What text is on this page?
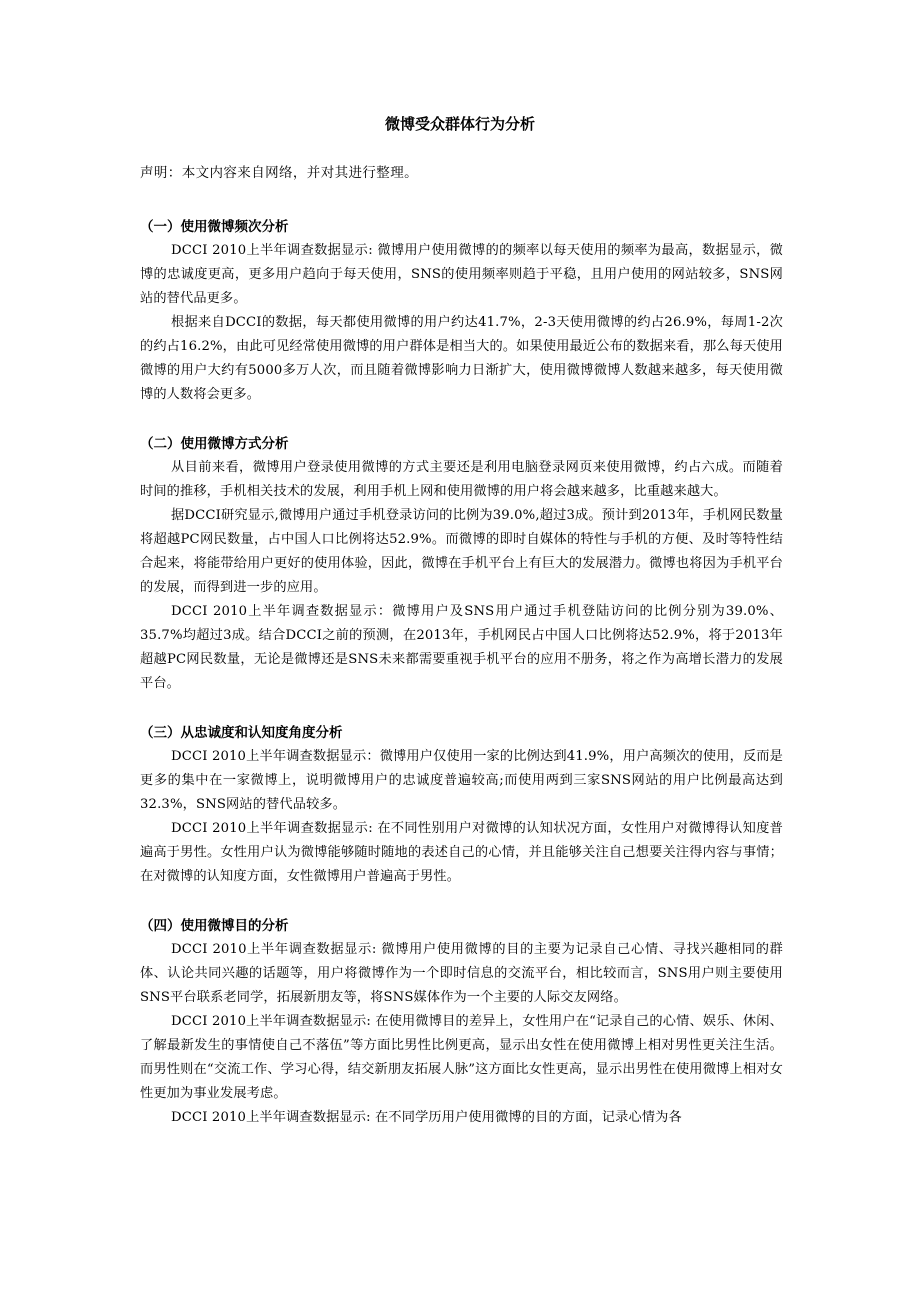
微博受众群体行为分析

声明：本文内容来自网络，并对其进行整理。

（一）使用微博频次分析

DCCI 2010上半年调查数据显示: 微博用户使用微博的的频率以每天使用的频率为最高，数据显示，微博的忠诚度更高，更多用户趋向于每天使用，SNS的使用频率则趋于平稳，且用户使用的网站较多，SNS网站的替代品更多。

根据来自DCCI的数据，每天都使用微博的用户约达41.7%，2-3天使用微博的约占26.9%，每周1-2次的约占16.2%，由此可见经常使用微博的用户群体是相当大的。如果使用最近公布的数据来看，那么每天使用微博的用户大约有5000多万人次，而且随着微博影响力日渐扩大，使用微博微博人数越来越多，每天使用微博的人数将会更多。

（二）使用微博方式分析

从目前来看，微博用户登录使用微博的方式主要还是利用电脑登录网页来使用微博，约占六成。而随着时间的推移，手机相关技术的发展，利用手机上网和使用微博的用户将会越来越多，比重越来越大。

据DCCI研究显示,微博用户通过手机登录访问的比例为39.0%,超过3成。预计到2013年，手机网民数量将超越PC网民数量，占中国人口比例将达52.9%。而微博的即时自媒体的特性与手机的方便、及时等特性结合起来，将能带给用户更好的使用体验，因此，微博在手机平台上有巨大的发展潜力。微博也将因为手机平台的发展，而得到进一步的应用。

DCCI 2010上半年调查数据显示：微博用户及SNS用户通过手机登陆访问的比例分别为39.0%、35.7%均超过3成。结合DCCI之前的预测，在2013年，手机网民占中国人口比例将达52.9%，将于2013年超越PC网民数量，无论是微博还是SNS未来都需要重视手机平台的应用不册务，将之作为高增长潜力的发展平台。

（三）从忠诚度和认知度角度分析

DCCI 2010上半年调查数据显示：微博用户仅使用一家的比例达到41.9%，用户高频次的使用，反而是更多的集中在一家微博上，说明微博用户的忠诚度普遍较高;而使用两到三家SNS网站的用户比例最高达到32.3%，SNS网站的替代品较多。

DCCI 2010上半年调查数据显示: 在不同性别用户对微博的认知状况方面，女性用户对微博得认知度普遍高于男性。女性用户认为微博能够随时随地的表述自己的心情，并且能够关注自己想要关注得内容与事情；在对微博的认知度方面，女性微博用户普遍高于男性。

（四）使用微博目的分析

DCCI 2010上半年调查数据显示: 微博用户使用微博的目的主要为记录自己心情、寻找兴趣相同的群体、认论共同兴趣的话题等，用户将微博作为一个即时信息的交流平台，相比较而言，SNS用户则主要使用SNS平台联系老同学，拓展新朋友等，将SNS媒体作为一个主要的人际交友网络。

DCCI 2010上半年调查数据显示: 在使用微博目的差异上，女性用户在“记录自己的心情、娱乐、休闲、了解最新发生的事情使自己不落伍”等方面比男性比例更高，显示出女性在使用微博上相对男性更关注生活。而男性则在“交流工作、学习心得，结交新朋友拓展人脉”这方面比女性更高，显示出男性在使用微博上相对女性更加为事业发展考虑。

DCCI 2010上半年调查数据显示: 在不同学历用户使用微博的目的方面，记录心情为各
